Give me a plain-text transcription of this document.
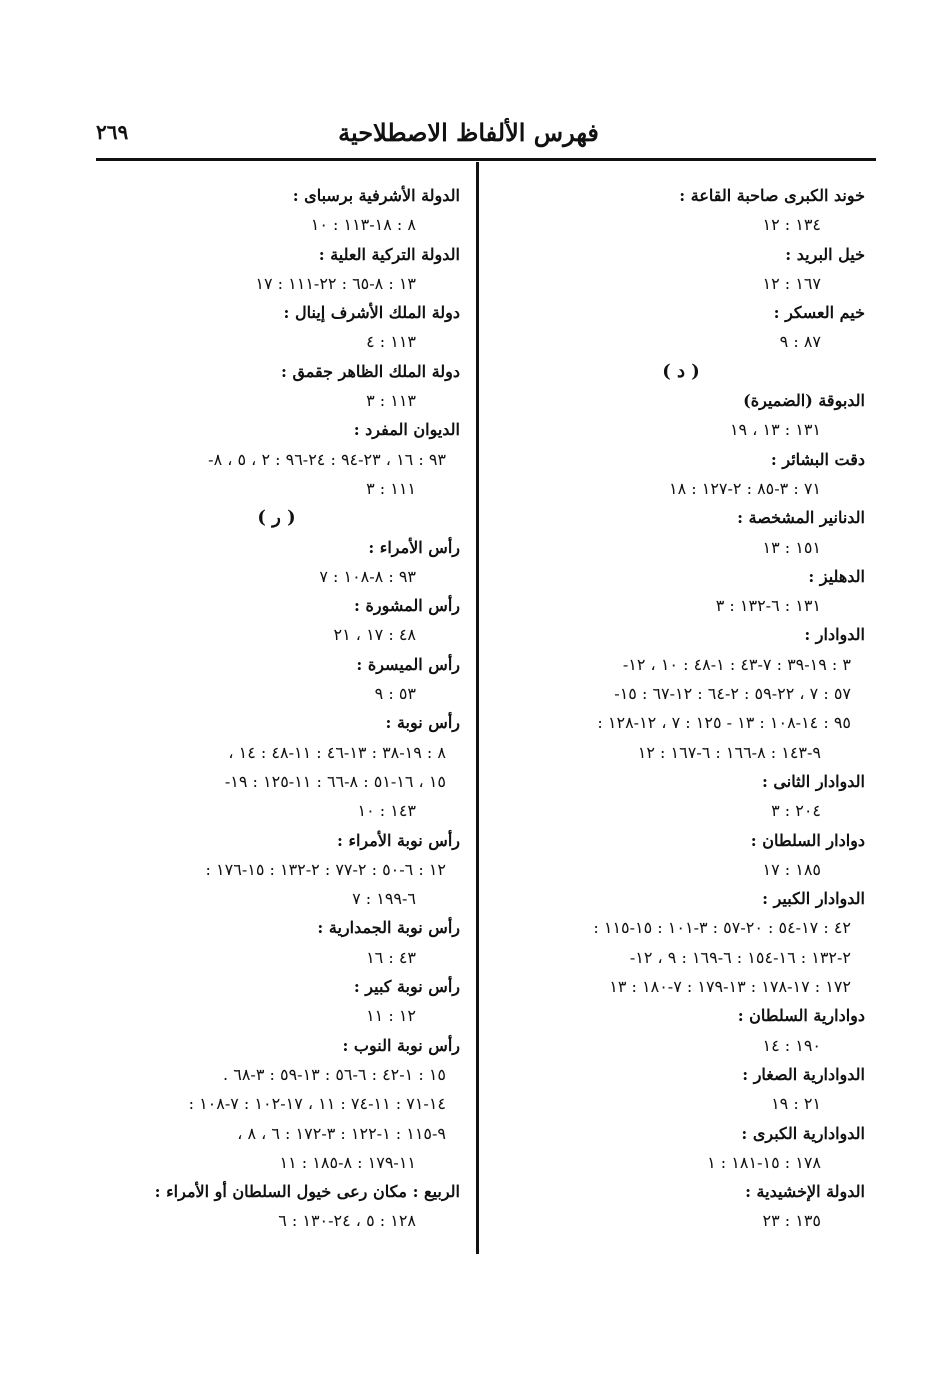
٢٦٩	فهرس الألفاظ الاصطلاحية
خوند الكبرى صاحبة القاعة :
١٣٤ : ١٢
خيل البريد :
١٦٧ : ١٢
خيم العسكر :
٨٧ : ٩
( د )
الدبوقة (الضميرة)
١٣١ : ١٣ ، ١٩
دقت البشائر :
٧١ : ٣-٨٥ : ٢-١٢٧ : ١٨
الدنانير المشخصة :
١٥١ : ١٣
الدهليز :
١٣١ : ٦-١٣٢ : ٣
الدوادار :
٣ : ١٩-٣٩ : ٧-٤٣ : ١-٤٨ : ١٠ ، ١٢-
٥٧ : ٧ ، ٢٢-٥٩ : ٢-٦٤ : ١٢-٦٧ : ١٥-
٩٥ : ١٤-١٠٨ : ١٣ - ١٢٥ : ٧ ، ١٢-١٢٨ :
٩-١٤٣ : ٨-١٦٦ : ٦-١٦٧ : ١٢
الدوادار الثانى :
٢٠٤ : ٣
دوادار السلطان :
١٨٥ : ١٧
الدوادار الكبير :
٤٢ : ١٧-٥٤ : ٢٠-٥٧ : ٣-١٠١ : ١٥-١١٥ :
٢-١٣٢ : ١٦-١٥٤ : ٦-١٦٩ : ٩ ، ١٢-
١٧٢ : ١٧-١٧٨ : ١٣-١٧٩ : ٧-١٨٠ : ١٣
دوادارية السلطان :
١٩٠ : ١٤
الدوادارية الصغار :
٢١ : ١٩
الدوادارية الكبرى :
١٧٨ : ١٥-١٨١ : ١
الدولة الإخشيدية :
١٣٥ : ٢٣
الدولة الأشرفية برسباى :
٨ : ١٨-١١٣ : ١٠
الدولة التركية العلية :
١٣ : ٨-٦٥ : ٢٢-١١١ : ١٧
دولة الملك الأشرف إينال :
١١٣ : ٤
دولة الملك الظاهر جقمق :
١١٣ : ٣
الديوان المفرد :
٩٣ : ١٦ ، ٢٣-٩٤ : ٢٤-٩٦ : ٢ ، ٥ ، ٨-
١١١ : ٣
( ر )
رأس الأمراء :
٩٣ : ٨-١٠٨ : ٧
رأس المشورة :
٤٨ : ١٧ ، ٢١
رأس الميسرة :
٥٣ : ٩
رأس نوبة :
٨ : ١٩-٣٨ : ١٣-٤٦ : ١١-٤٨ : ١٤ ،
١٥ ، ١٦-٥١ : ٨-٦٦ : ١١-١٢٥ : ١٩-
١٤٣ : ١٠
رأس نوبة الأمراء :
١٢ : ٦-٥٠ : ٢-٧٧ : ٢-١٣٢ : ١٥-١٧٦ :
٦-١٩٩ : ٧
رأس نوبة الجمدارية :
٤٣ : ١٦
رأس نوبة كبير :
١٢ : ١١
رأس نوبة النوب :
١٥ : ١-٤٢ : ٦-٥٦ : ١٣-٥٩ : ٣-٦٨ .
١٤-٧١ : ١١-٧٤ : ١١ ، ١٧-١٠٢ : ٧-١٠٨ :
٩-١١٥ : ١-١٢٢ : ٣-١٧٢ : ٦ ، ٨ ،
١١-١٧٩ : ٨-١٨٥ : ١١
الربيع : مكان رعى خيول السلطان أو الأمراء :
١٢٨ : ٥ ، ٢٤-١٣٠ : ٦
